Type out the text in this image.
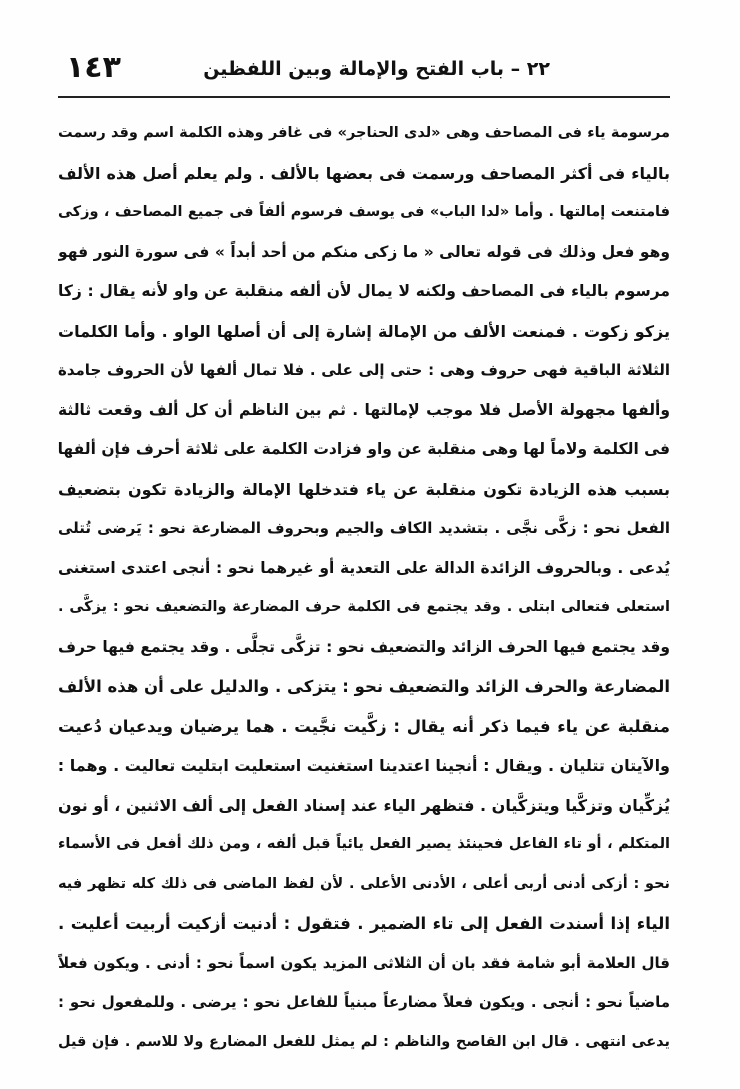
٢٢ – باب الفتح والإمالة وبين اللفظين
١٤٣
مرسومة ياء فى المصاحف وهى «لدى الحناجر» فى غافر وهذه الكلمة اسم وقد رسمت
بالياء فى أكثر المصاحف ورسمت فى بعضها بالألف . ولم يعلم أصل هذه الألف
فامتنعت إمالتها . وأما «لدا الباب» فى يوسف فرسوم ألفاً فى جميع المصاحف ، وزكى
وهو فعل وذلك فى قوله تعالى « ما زكى منكم من أحد أبداً » فى سورة النور فهو
مرسوم بالياء فى المصاحف ولكنه لا يمال لأن ألفه منقلبة عن واو لأنه يقال : زكا
يزكو زكوت . فمنعت الألف من الإمالة إشارة إلى أن أصلها الواو . وأما الكلمات
الثلاثة الباقية فهى حروف وهى : حتى إلى على . فلا تمال ألفها لأن الحروف جامدة
وألفها مجهولة الأصل فلا موجب لإمالتها . ثم بين الناظم أن كل ألف وقعت ثالثة
فى الكلمة ولاماً لها وهى منقلبة عن واو فزادت الكلمة على ثلاثة أحرف فإن ألفها
بسبب هذه الزيادة تكون منقلبة عن ياء فتدخلها الإمالة والزيادة تكون بتضعيف
الفعل نحو : زكَّى نجَّى . بتشديد الكاف والجيم وبحروف المضارعة نحو : يَرضى تُتلى
يُدعى . وبالحروف الزائدة الدالة على التعدية أو غيرهما نحو : أنجى اعتدى استغنى
استعلى فتعالى ابتلى . وقد يجتمع فى الكلمة حرف المضارعة والتضعيف نحو : يزكَّى .
وقد يجتمع فيها الحرف الزائد والتضعيف نحو : تزكَّى تجلَّى . وقد يجتمع فيها حرف
المضارعة والحرف الزائد والتضعيف نحو : يتزكى . والدليل على أن هذه الألف
منقلبة عن ياء فيما ذكر أنه يقال : زكَّيت نجَّيت . هما يرضيان ويدعيان دُعيت
والآيتان تتليان . ويقال : أنجينا اعتدينا استغنيت استعليت ابتليت تعاليت . وهما :
يُزكِّيان وتزكَّيا ويتزكَّيان . فتظهر الياء عند إسناد الفعل إلى ألف الاثنين ، أو نون
المتكلم ، أو تاء الفاعل فحينئذ يصير الفعل يائياً قبل ألفه ، ومن ذلك أفعل فى الأسماء
نحو : أزكى أدنى أربى أعلى ، الأدنى الأعلى . لأن لفظ الماضى فى ذلك كله تظهر فيه
الياء إذا أسندت الفعل إلى تاء الضمير . فتقول : أدنيت أزكيت أربيت أعليت .
قال العلامة أبو شامة فقد بان أن الثلاثى المزيد يكون اسماً نحو : أدنى . ويكون فعلاً
ماضياً نحو : أنجى . ويكون فعلاً مضارعاً مبنياً للفاعل نحو : يرضى . وللمفعول نحو :
يدعى انتهى . قال ابن القاصح والناظم : لم يمثل للفعل المضارع ولا للاسم . فإن قيل
